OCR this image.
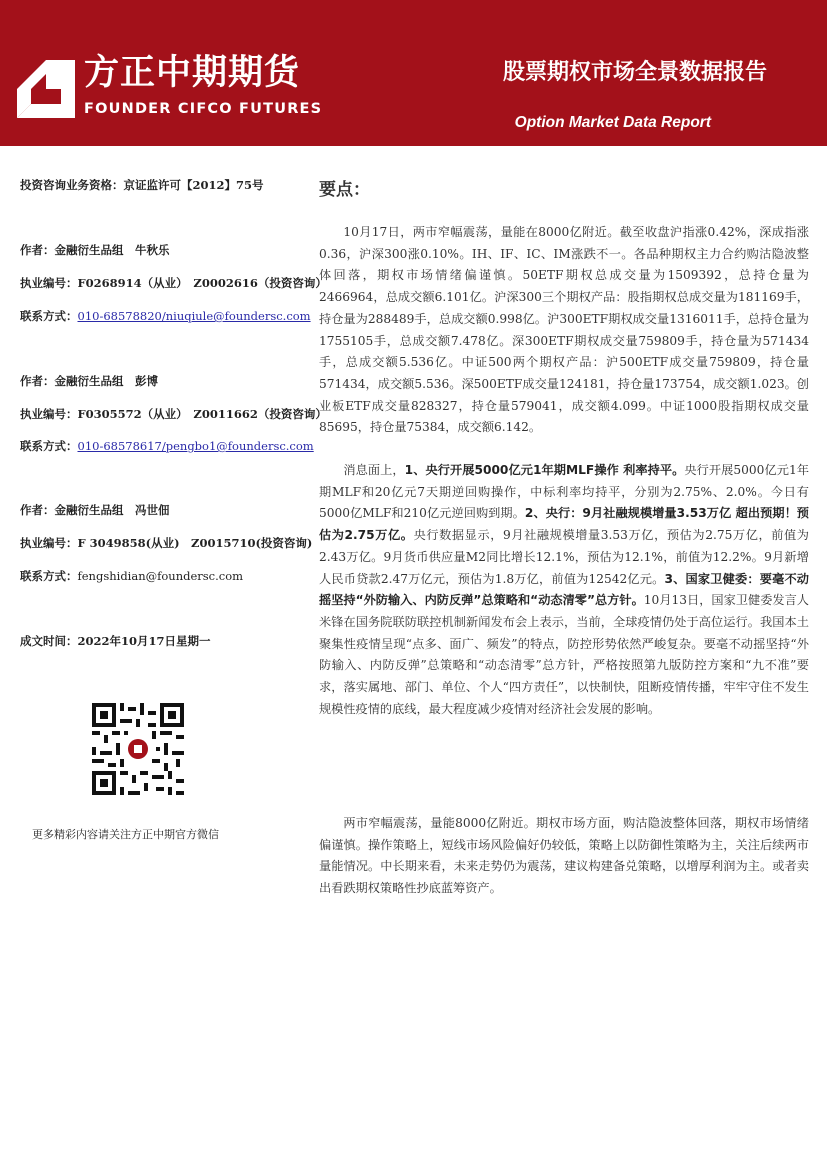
方正中期期货
FOUNDER CIFCO FUTURES
股票期权市场全景数据报告
Option Market Data Report
投资咨询业务资格：京证监许可【2012】75号
作者：金融衍生品组　牛秋乐
执业编号：F0268914（从业）　Z0002616（投资咨询）
联系方式：010-68578820/niuqiule@foundersc.com
作者：金融衍生品组　彭博
执业编号：F0305572（从业）　Z0011662（投资咨询）
联系方式：010-68578617/pengbo1@foundersc.com
作者：金融衍生品组　冯世佃
执业编号：F 3049858(从业)　Z0015710(投资咨询)
联系方式：fengshidian@foundersc.com
成文时间：2022年10月17日星期一
更多精彩内容请关注方正中期官方微信
要点：

10月17日，两市窄幅震荡，量能在8000亿附近。截至收盘沪指涨0.42%，深成指涨0.36，沪深300涨0.10%。IH、IF、IC、IM涨跌不一。各品种期权主力合约购沽隐波整体回落，期权市场情绪偏谨慎。50ETF期权总成交量为1509392，总持仓量为2466964，总成交额6.101亿。沪深300三个期权产品：股指期权总成交量为181169手，持仓量为288489手，总成交额0.998亿。沪300ETF期权成交量1316011手，总持仓量为1755105手，总成交额7.478亿。深300ETF期权成交量759809手，持仓量为571434手，总成交额5.536亿。中证500两个期权产品：沪500ETF成交量759809，持仓量571434，成交额5.536。深500ETF成交量124181，持仓量173754，成交额1.023。创业板ETF成交量828327，持仓量579041，成交额4.099。中证1000股指期权成交量85695，持仓量75384，成交额6.142。

消息面上，1、央行开展5000亿元1年期MLF操作 利率持平。央行开展5000亿元1年期MLF和20亿元7天期逆回购操作，中标利率均持平，分别为2.75%、2.0%。今日有5000亿MLF和210亿元逆回购到期。2、央行：9月社融规模增量3.53万亿 超出预期！预估为2.75万亿。央行数据显示，9月社融规模增量3.53万亿，预估为2.75万亿，前值为2.43万亿。9月货币供应量M2同比增长12.1%，预估为12.1%，前值为12.2%。9月新增人民币贷款2.47万亿元，预估为1.8万亿，前值为12542亿元。3、国家卫健委：要毫不动摇坚持“外防输入、内防反弹”总策略和“动态清零”总方针。10月13日，国家卫健委发言人米锋在国务院联防联控机制新闻发布会上表示，当前，全球疫情仍处于高位运行。我国本土聚集性疫情呈现“点多、面广、频发”的特点，防控形势依然严峻复杂。要毫不动摇坚持“外防输入、内防反弹”总策略和“动态清零”总方针，严格按照第九版防控方案和“九不准”要求，落实属地、部门、单位、个人“四方责任”，以快制快，阻断疫情传播，牢牢守住不发生规模性疫情的底线，最大程度减少疫情对经济社会发展的影响。

两市窄幅震荡，量能8000亿附近。期权市场方面，购沽隐波整体回落，期权市场情绪偏谨慎。操作策略上，短线市场风险偏好仍较低，策略上以防御性策略为主，关注后续两市量能情况。中长期来看，未来走势仍为震荡，建议构建备兑策略，以增厚利润为主。或者卖出看跌期权策略性抄底蓝筹资产。
